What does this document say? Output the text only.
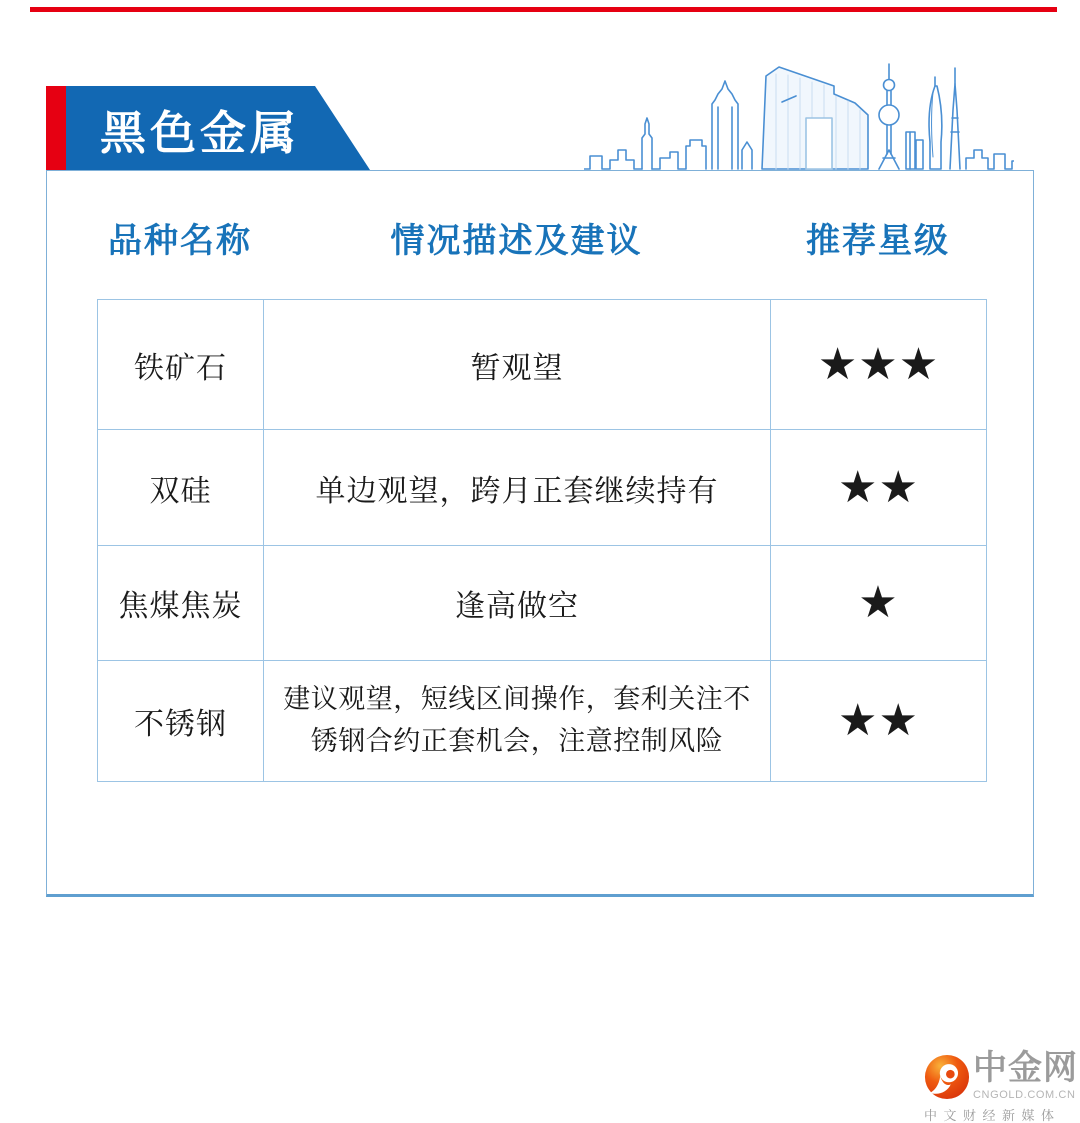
黑色金属
品种名称	情况描述及建议	推荐星级
铁矿石	暂观望	★★★
双硅	单边观望，跨月正套继续持有	★★
焦煤焦炭	逢高做空	★
不锈钢	建议观望，短线区间操作，套利关注不锈钢合约正套机会，注意控制风险	★★
中金网
CNGOLD.COM.CN
中文财经新媒体
